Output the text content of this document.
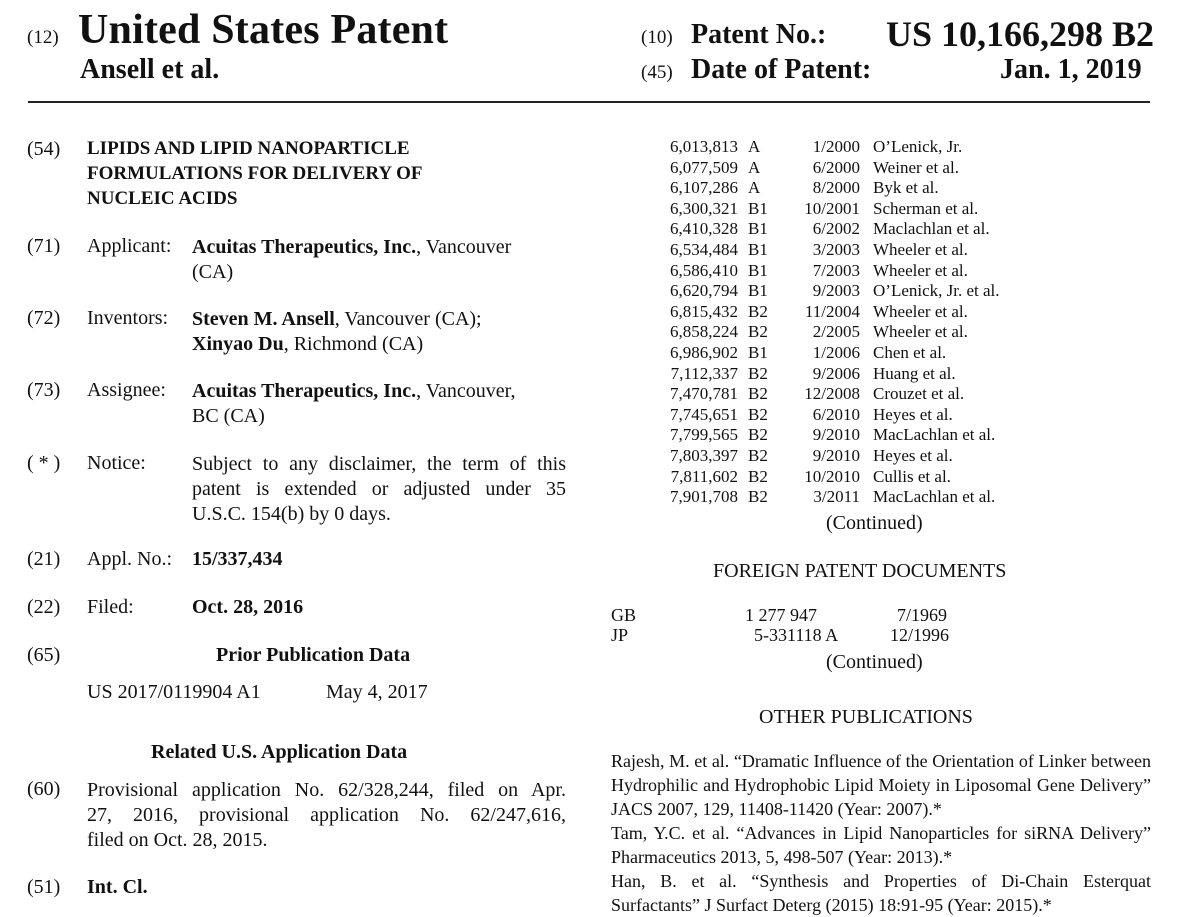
(12) United States Patent
Ansell et al.
(10) Patent No.: US 10,166,298 B2
(45) Date of Patent:	Jan. 1, 2019
(54) LIPIDS AND LIPID NANOPARTICLE
FORMULATIONS FOR DELIVERY OF
NUCLEIC ACIDS
(71) Applicant: Acuitas Therapeutics, Inc., Vancouver
(CA)
(72) Inventors: Steven M. Ansell, Vancouver (CA);
Xinyao Du, Richmond (CA)
(73) Assignee: Acuitas Therapeutics, Inc., Vancouver,
BC (CA)
( * ) Notice: Subject to any disclaimer, the term of this
patent is extended or adjusted under 35
U.S.C. 154(b) by 0 days.
(21) Appl. No.: 15/337,434
(22) Filed:	Oct. 28, 2016
(65)	Prior Publication Data
US 2017/0119904 A1	May 4, 2017
Related U.S. Application Data
(60) Provisional application No. 62/328,244, filed on Apr.
27, 2016, provisional application No. 62/247,616,
filed on Oct. 28, 2015.
(51) Int. Cl.
6,013,813 A	1/2000 O’Lenick, Jr.
6,077,509 A	6/2000 Weiner et al.
6,107,286 A	8/2000 Byk et al.
6,300,321 B1	10/2001 Scherman et al.
6,410,328 B1	6/2002 Maclachlan et al.
6,534,484 B1	3/2003 Wheeler et al.
6,586,410 B1	7/2003 Wheeler et al.
6,620,794 B1	9/2003 O’Lenick, Jr. et al.
6,815,432 B2	11/2004 Wheeler et al.
6,858,224 B2	2/2005 Wheeler et al.
6,986,902 B1	1/2006 Chen et al.
7,112,337 B2	9/2006 Huang et al.
7,470,781 B2	12/2008 Crouzet et al.
7,745,651 B2	6/2010 Heyes et al.
7,799,565 B2	9/2010 MacLachlan et al.
7,803,397 B2	9/2010 Heyes et al.
7,811,602 B2	10/2010 Cullis et al.
7,901,708 B2	3/2011 MacLachlan et al.
(Continued)
FOREIGN PATENT DOCUMENTS
GB	1 277 947	7/1969
JP	5-331118 A	12/1996
(Continued)
OTHER PUBLICATIONS
Rajesh, M. et al. “Dramatic Influence of the Orientation of Linker between Hydrophilic and Hydrophobic Lipid Moiety in Liposomal Gene Delivery” JACS 2007, 129, 11408-11420 (Year: 2007).*
Tam, Y.C. et al. “Advances in Lipid Nanoparticles for siRNA Delivery” Pharmaceutics 2013, 5, 498-507 (Year: 2013).*
Han, B. et al. “Synthesis and Properties of Di-Chain Esterquat Surfactants” J Surfact Deterg (2015) 18:91-95 (Year: 2015).*
